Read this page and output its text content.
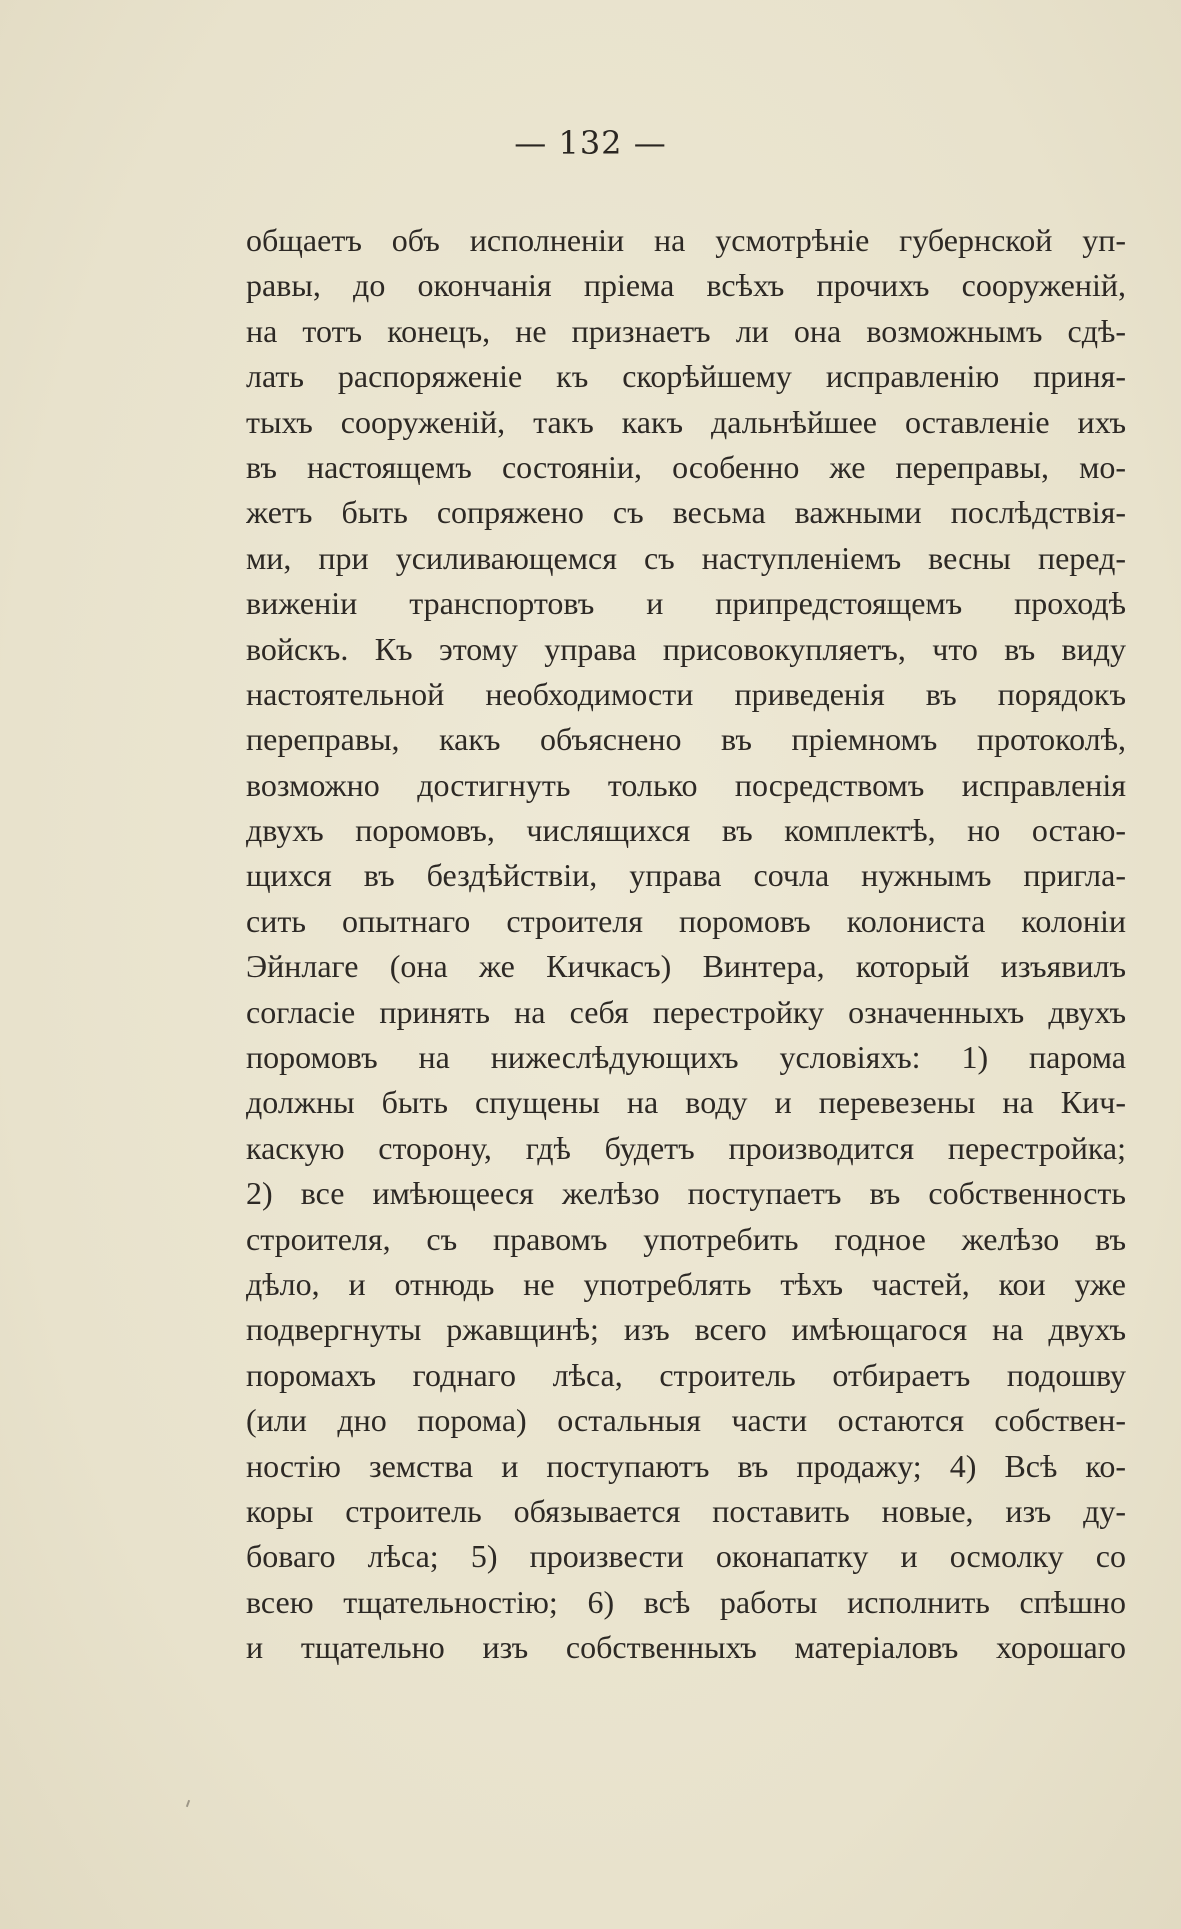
— 132 —
общаетъ объ исполненіи на усмотрѣніе губернской уп-
равы, до окончанія пріема всѣхъ прочихъ сооруженій,
на тотъ конецъ, не признаетъ ли она возможнымъ сдѣ-
лать распоряженіе къ скорѣйшему исправленію приня-
тыхъ сооруженій, такъ какъ дальнѣйшее оставленіе ихъ
въ настоящемъ состояніи, особенно же переправы, мо-
жетъ быть сопряжено съ весьма важными послѣдствія-
ми, при усиливающемся съ наступленіемъ весны перед-
виженіи транспортовъ и припредстоящемъ проходѣ
войскъ. Къ этому управа присовокупляетъ, что въ виду
настоятельной необходимости приведенія въ порядокъ
переправы, какъ объяснено въ пріемномъ протоколѣ,
возможно достигнуть только посредствомъ исправленія
двухъ поромовъ, числящихся въ комплектѣ, но остаю-
щихся въ бездѣйствіи, управа сочла нужнымъ пригла-
сить опытнаго строителя поромовъ колониста колоніи
Эйнлаге (она же Кичкасъ) Винтера, который изъявилъ
согласіе принять на себя перестройку означенныхъ двухъ
поромовъ на нижеслѣдующихъ условіяхъ: 1) парома
должны быть спущены на воду и перевезены на Кич-
каскую сторону, гдѣ будетъ производится перестройка;
2) все имѣющееся желѣзо поступаетъ въ собственность
строителя, съ правомъ употребить годное желѣзо въ
дѣло, и отнюдь не употреблять тѣхъ частей, кои уже
подвергнуты ржавщинѣ; изъ всего имѣющагося на двухъ
поромахъ годнаго лѣса, строитель отбираетъ подошву
(или дно порома) остальныя части остаются собствен-
ностію земства и поступаютъ въ продажу; 4) Всѣ ко-
коры строитель обязывается поставить новые, изъ ду-
боваго лѣса; 5) произвести оконапатку и осмолку со
всею тщательностію; 6) всѣ работы исполнить спѣшно
и тщательно изъ собственныхъ матеріаловъ хорошаго
